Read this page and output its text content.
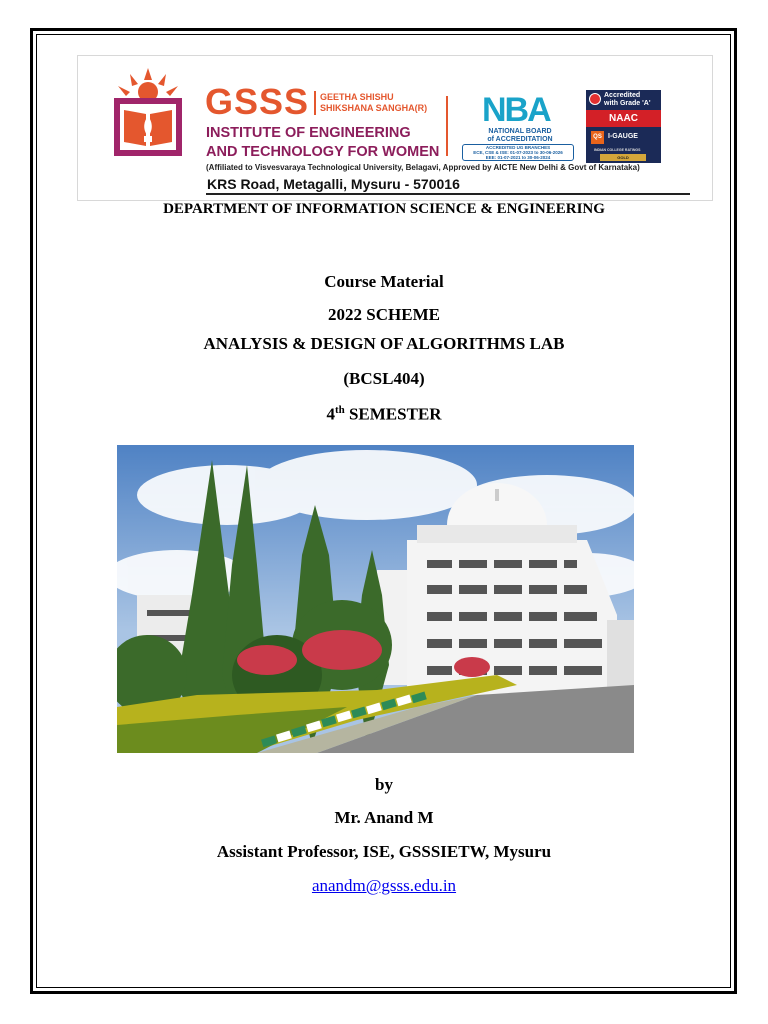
GSSS GEETHA SHISHU
SHIKSHANA SANGHA(R)
INSTITUTE OF ENGINEERING
AND TECHNOLOGY FOR WOMEN
(Affiliated to Visvesvaraya Technological University, Belagavi, Approved by AICTE New Delhi & Govt of Karnataka)
KRS Road, Metagalli, Mysuru - 570016
NBA
NATIONAL BOARD
of ACCREDITATION
ACCREDITED UG BRANCHES
ECE, CSE & ISE: 01-07-2023 to 30-06-2026
EEE: 01-07-2021 to 30-06-2024
Accredited
with Grade 'A'
NAAC
QS I-GAUGE
INDIAN COLLEGE RATINGS
GOLD
DEPARTMENT OF INFORMATION SCIENCE & ENGINEERING
Course Material
2022 SCHEME
ANALYSIS & DESIGN OF ALGORITHMS LAB
(BCSL404)
4th SEMESTER
by
Mr. Anand M
Assistant Professor, ISE, GSSSIETW, Mysuru
anandm@gsss.edu.in
